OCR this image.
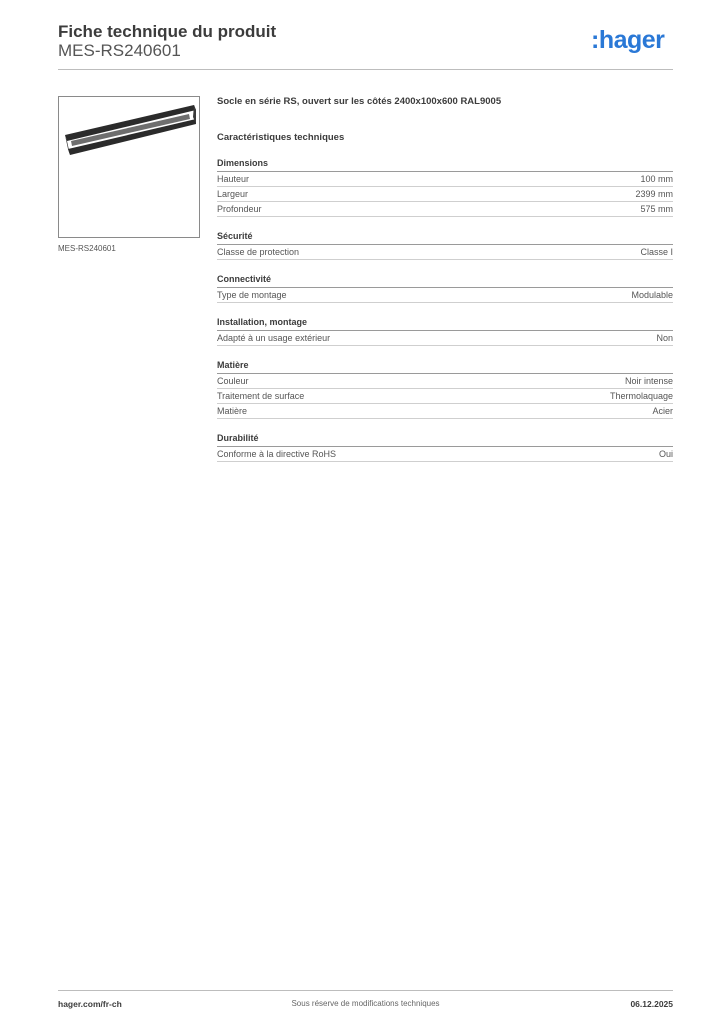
Fiche technique du produit
MES-RS240601	:hager
MES-RS240601
Socle en série RS, ouvert sur les côtés 2400x100x600 RAL9005
Caractéristiques techniques
Dimensions
Hauteur	100 mm
Largeur	2399 mm
Profondeur	575 mm
Sécurité
Classe de protection	Classe I
Connectivité
Type de montage	Modulable
Installation, montage
Adapté à un usage extérieur	Non
Matière
Couleur	Noir intense
Traitement de surface	Thermolaquage
Matière	Acier
Durabilité
Conforme à la directive RoHS	Oui
hager.com/fr-ch	Sous réserve de modifications techniques	06.12.2025
